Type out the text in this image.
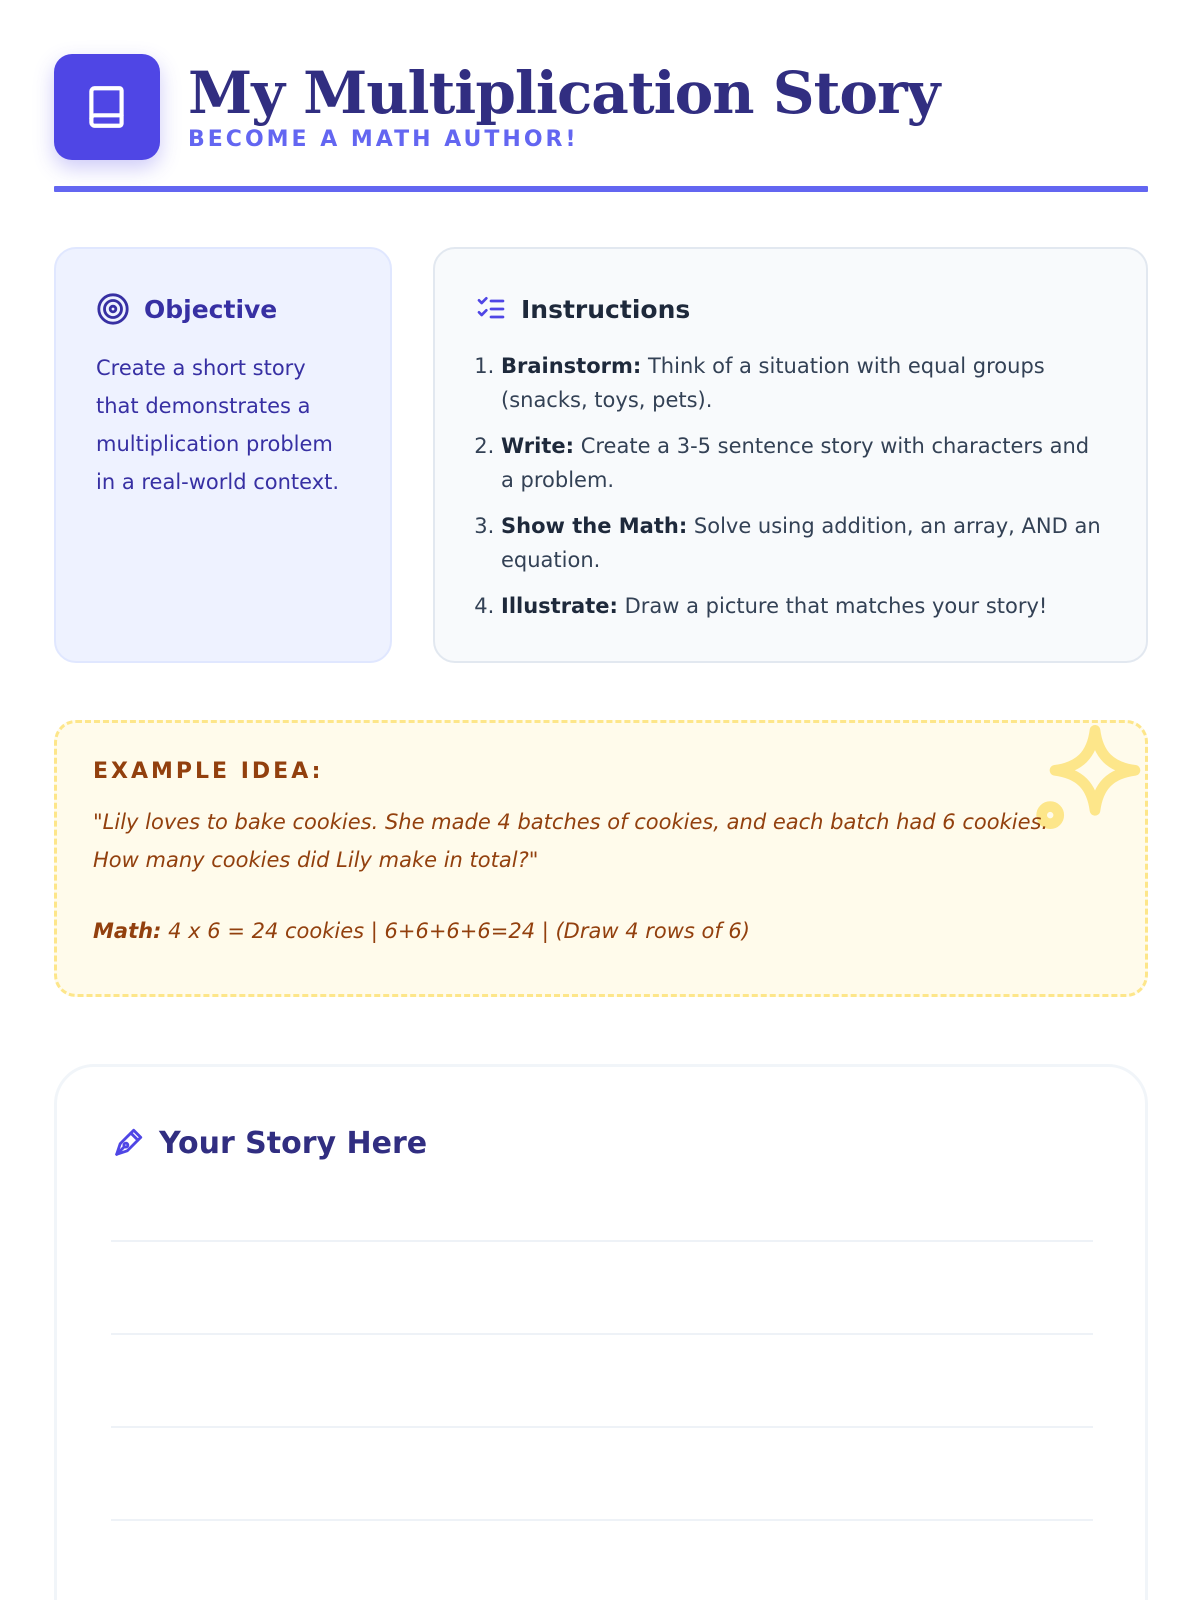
My Multiplication Story
BECOME A MATH AUTHOR!
Objective
Create a short story that demonstrates a multiplication problem in a real-world context.
Instructions
1. Brainstorm: Think of a situation with equal groups (snacks, toys, pets).
2. Write: Create a 3-5 sentence story with characters and a problem.
3. Show the Math: Solve using addition, an array, AND an equation.
4. Illustrate: Draw a picture that matches your story!
EXAMPLE IDEA:
"Lily loves to bake cookies. She made 4 batches of cookies, and each batch had 6 cookies. How many cookies did Lily make in total?"
Math: 4 x 6 = 24 cookies | 6+6+6+6=24 | (Draw 4 rows of 6)
Your Story Here
